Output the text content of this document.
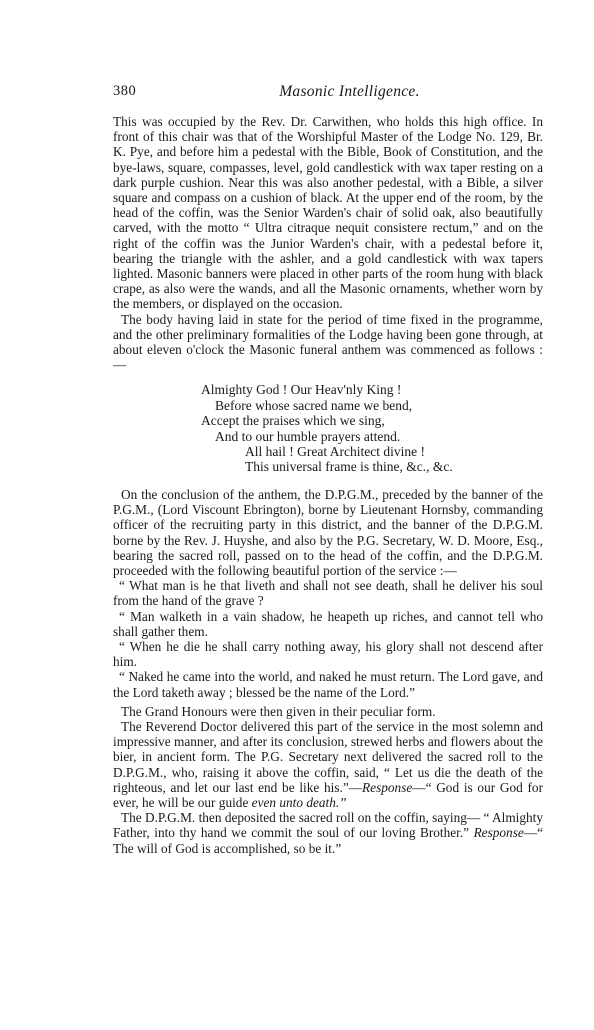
380	Masonic Intelligence.

This was occupied by the Rev. Dr. Carwithen, who holds this high office. In front of this chair was that of the Worshipful Master of the Lodge No. 129, Br. K. Pye, and before him a pedestal with the Bible, Book of Constitution, and the bye-laws, square, compasses, level, gold candlestick with wax taper resting on a dark purple cushion. Near this was also another pedestal, with a Bible, a silver square and compass on a cushion of black. At the upper end of the room, by the head of the coffin, was the Senior Warden's chair of solid oak, also beautifully carved, with the motto “ Ultra citraque nequit consistere rectum,” and on the right of the coffin was the Junior Warden's chair, with a pedestal before it, bearing the triangle with the ashler, and a gold candlestick with wax tapers lighted. Masonic banners were placed in other parts of the room hung with black crape, as also were the wands, and all the Masonic ornaments, whether worn by the members, or displayed on the occasion.

The body having laid in state for the period of time fixed in the programme, and the other preliminary formalities of the Lodge having been gone through, at about eleven o'clock the Masonic funeral anthem was commenced as follows :—

Almighty God ! Our Heav'nly King !
Before whose sacred name we bend,
Accept the praises which we sing,
And to our humble prayers attend.
All hail ! Great Architect divine !
This universal frame is thine, &c., &c.

On the conclusion of the anthem, the D.P.G.M., preceded by the banner of the P.G.M., (Lord Viscount Ebrington), borne by Lieutenant Hornsby, commanding officer of the recruiting party in this district, and the banner of the D.P.G.M. borne by the Rev. J. Huyshe, and also by the P.G. Secretary, W. D. Moore, Esq., bearing the sacred roll, passed on to the head of the coffin, and the D.P.G.M. proceeded with the following beautiful portion of the service :—

“ What man is he that liveth and shall not see death, shall he deliver his soul from the hand of the grave ?

“ Man walketh in a vain shadow, he heapeth up riches, and cannot tell who shall gather them.

“ When he die he shall carry nothing away, his glory shall not descend after him.

“ Naked he came into the world, and naked he must return. The Lord gave, and the Lord taketh away ; blessed be the name of the Lord.”

The Grand Honours were then given in their peculiar form.

The Reverend Doctor delivered this part of the service in the most solemn and impressive manner, and after its conclusion, strewed herbs and flowers about the bier, in ancient form. The P.G. Secretary next delivered the sacred roll to the D.P.G.M., who, raising it above the coffin, said, “ Let us die the death of the righteous, and let our last end be like his.”—Response—“ God is our God for ever, he will be our guide even unto death.”

The D.P.G.M. then deposited the sacred roll on the coffin, saying— “ Almighty Father, into thy hand we commit the soul of our loving Brother.” Response—“ The will of God is accomplished, so be it.”
